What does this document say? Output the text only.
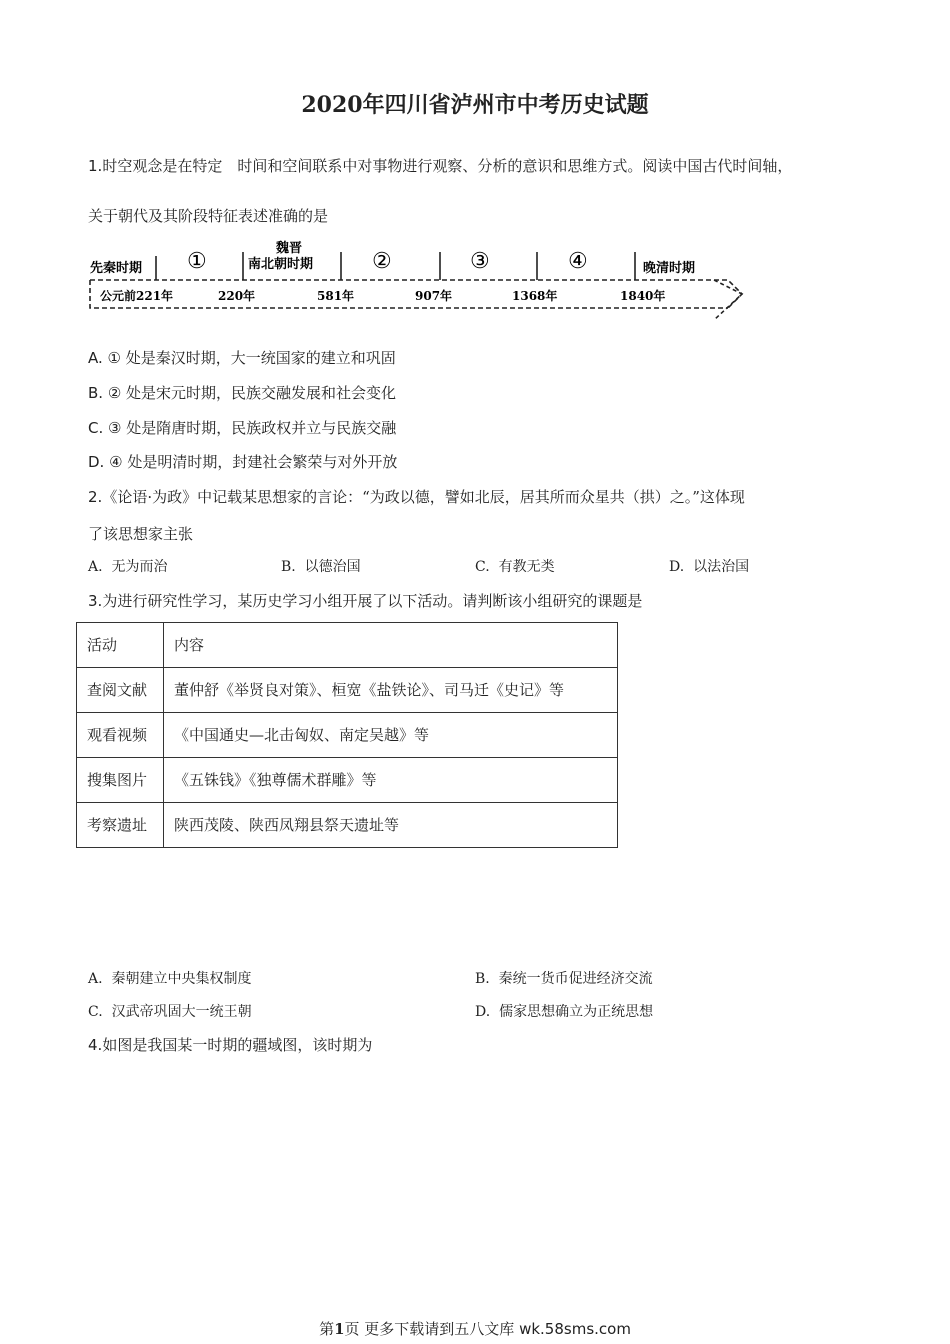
2020年四川省泸州市中考历史试题
1.时空观念是在特定　时间和空间联系中对事物进行观察、分析的意识和思维方式。阅读中国古代时间轴，
关于朝代及其阶段特征表述准确的是
先秦时期
魏晋
南北朝时期	晚清时期
①	②	③	④
公元前221年	220年	581年	907年	1368年	1840年
A. ① 处是秦汉时期，大一统国家的建立和巩固
B. ② 处是宋元时期，民族交融发展和社会变化
C. ③ 处是隋唐时期，民族政权并立与民族交融
D. ④ 处是明清时期，封建社会繁荣与对外开放
2.《论语·为政》中记载某思想家的言论：“为政以德，譬如北辰，居其所而众星共（拱）之。”这体现
了该思想家主张
A. 无为而治	B. 以德治国	C. 有教无类	D. 以法治国
3.为进行研究性学习，某历史学习小组开展了以下活动。请判断该小组研究的课题是
活动	内容
查阅文献	董仲舒《举贤良对策》、桓宽《盐铁论》、司马迁《史记》等
观看视频	《中国通史—北击匈奴、南定吴越》等
搜集图片	《五铢钱》《独尊儒术群雕》等
考察遗址	陕西茂陵、陕西凤翔县祭天遗址等
A. 秦朝建立中央集权制度	B. 秦统一货币促进经济交流
C. 汉武帝巩固大一统王朝	D. 儒家思想确立为正统思想
4.如图是我国某一时期的疆域图，该时期为
第1页 更多下载请到五八文库 wk.58sms.com
